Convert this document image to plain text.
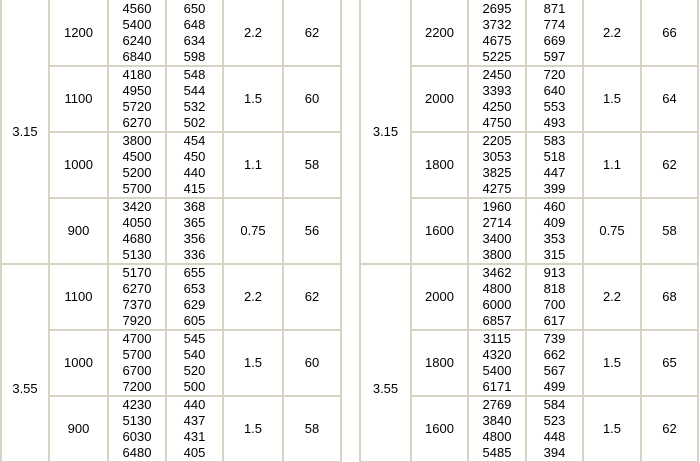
3.15	
1200

4560
5400
6240
6840

650
648
634
598

2.2	62

1100

4180
4950
5720
6270

548
544
532
502

1.5	60

1000

3800
4500
5200
5700

454
450
440
415

1.1	58

900

3420
4050
4680
5130

368
365
356
336

0.75	56

3.55	
1100

5170
6270
7370
7920

655
653
629
605

2.2	62

1000

4700
5700
6700
7200

545
540
520
500

1.5	60

900

4230
5130
6030
6480

440
437
431
405

1.5	58
3.15	
2200

2695
3732
4675
5225

871
774
669
597

2.2	66

2000

2450
3393
4250
4750

720
640
553
493

1.5	64

1800

2205
3053
3825
4275

583
518
447
399

1.1	62

1600

1960
2714
3400
3800

460
409
353
315

0.75	58

3.55	
2000

3462
4800
6000
6857

913
818
700
617

2.2	68

1800

3115
4320
5400
6171

739
662
567
499

1.5	65

1600

2769
3840
4800
5485

584
523
448
394

1.5	62
